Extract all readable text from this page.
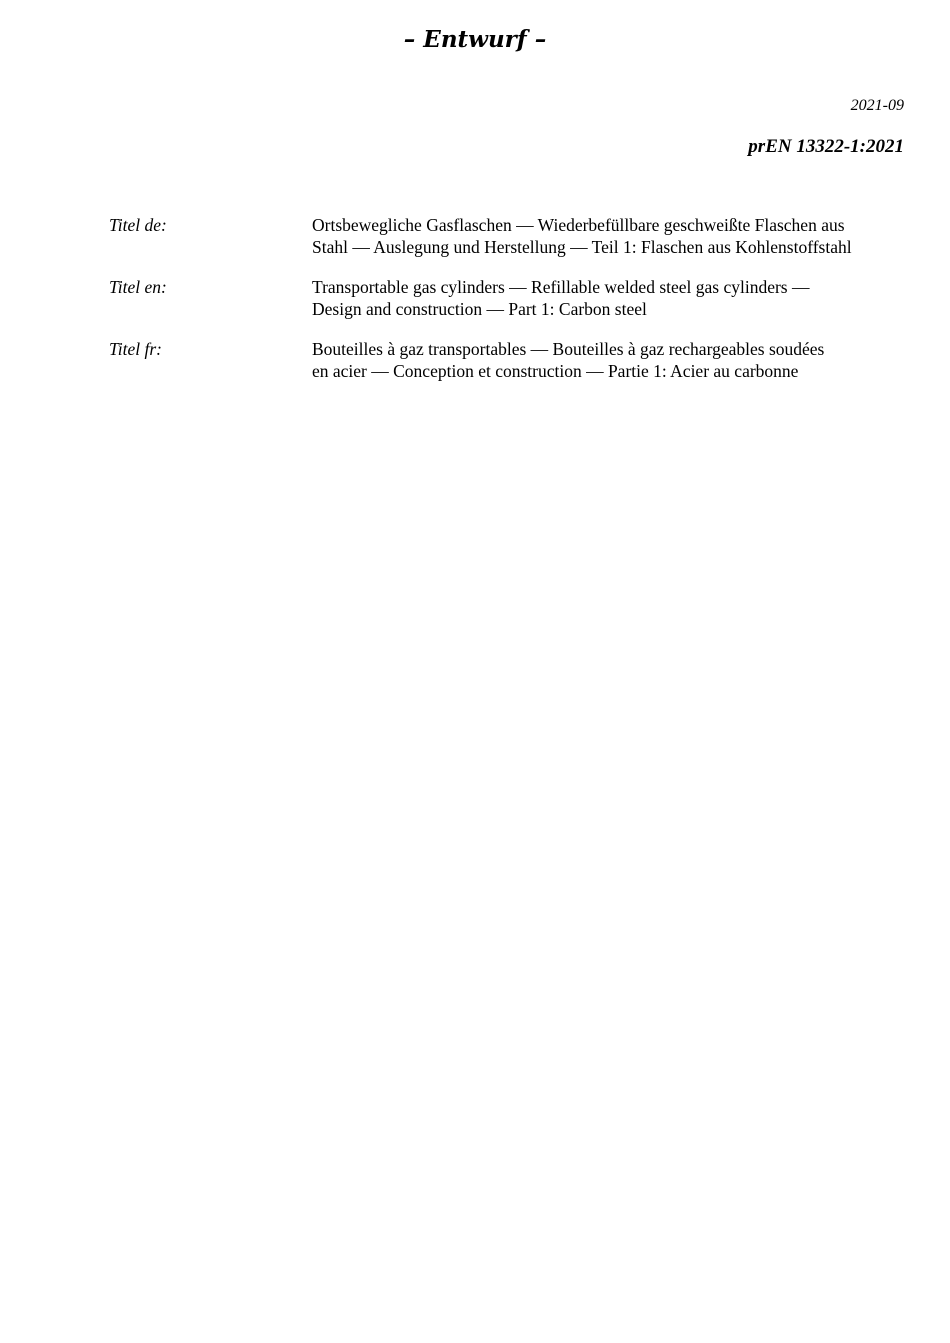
– Entwurf –
2021-09
prEN 13322-1:2021
Titel de:	Ortsbewegliche Gasflaschen — Wiederbefüllbare geschweißte Flaschen aus
Stahl — Auslegung und Herstellung — Teil 1: Flaschen aus Kohlenstoffstahl
Titel en:	Transportable gas cylinders — Refillable welded steel gas cylinders —
Design and construction — Part 1: Carbon steel
Titel fr:	Bouteilles à gaz transportables — Bouteilles à gaz rechargeables soudées
en acier — Conception et construction — Partie 1: Acier au carbonne
